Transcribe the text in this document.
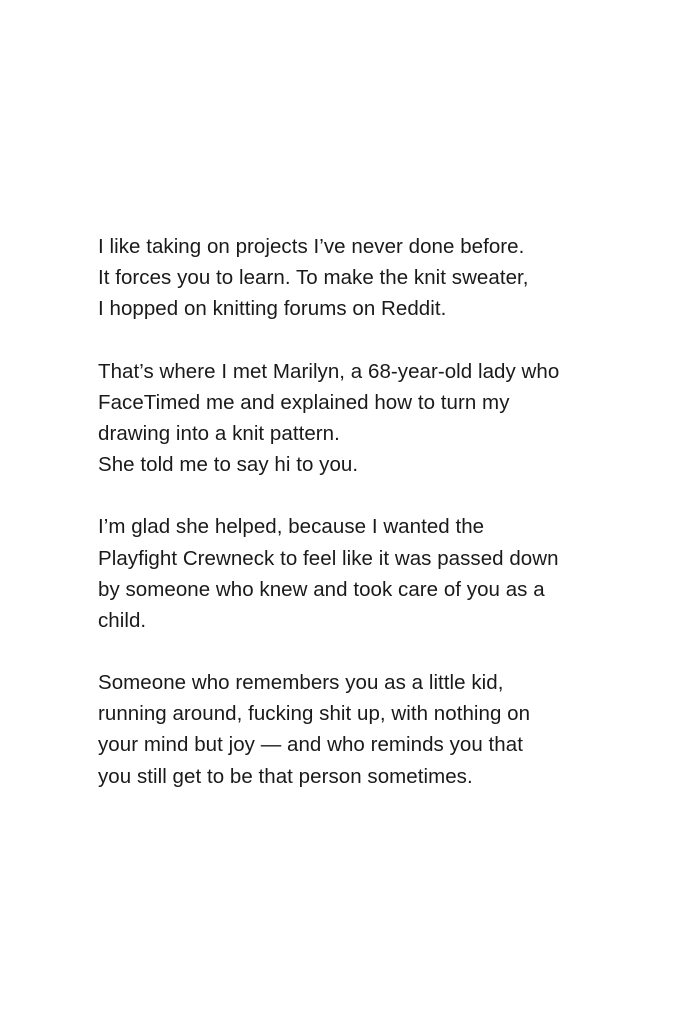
I like taking on projects I’ve never done before.
It forces you to learn. To make the knit sweater,
I hopped on knitting forums on Reddit.

That’s where I met Marilyn, a 68-year-old lady who
FaceTimed me and explained how to turn my
drawing into a knit pattern.
She told me to say hi to you.

I’m glad she helped, because I wanted the
Playfight Crewneck to feel like it was passed down
by someone who knew and took care of you as a
child.

Someone who remembers you as a little kid,
running around, fucking shit up, with nothing on
your mind but joy — and who reminds you that
you still get to be that person sometimes.
